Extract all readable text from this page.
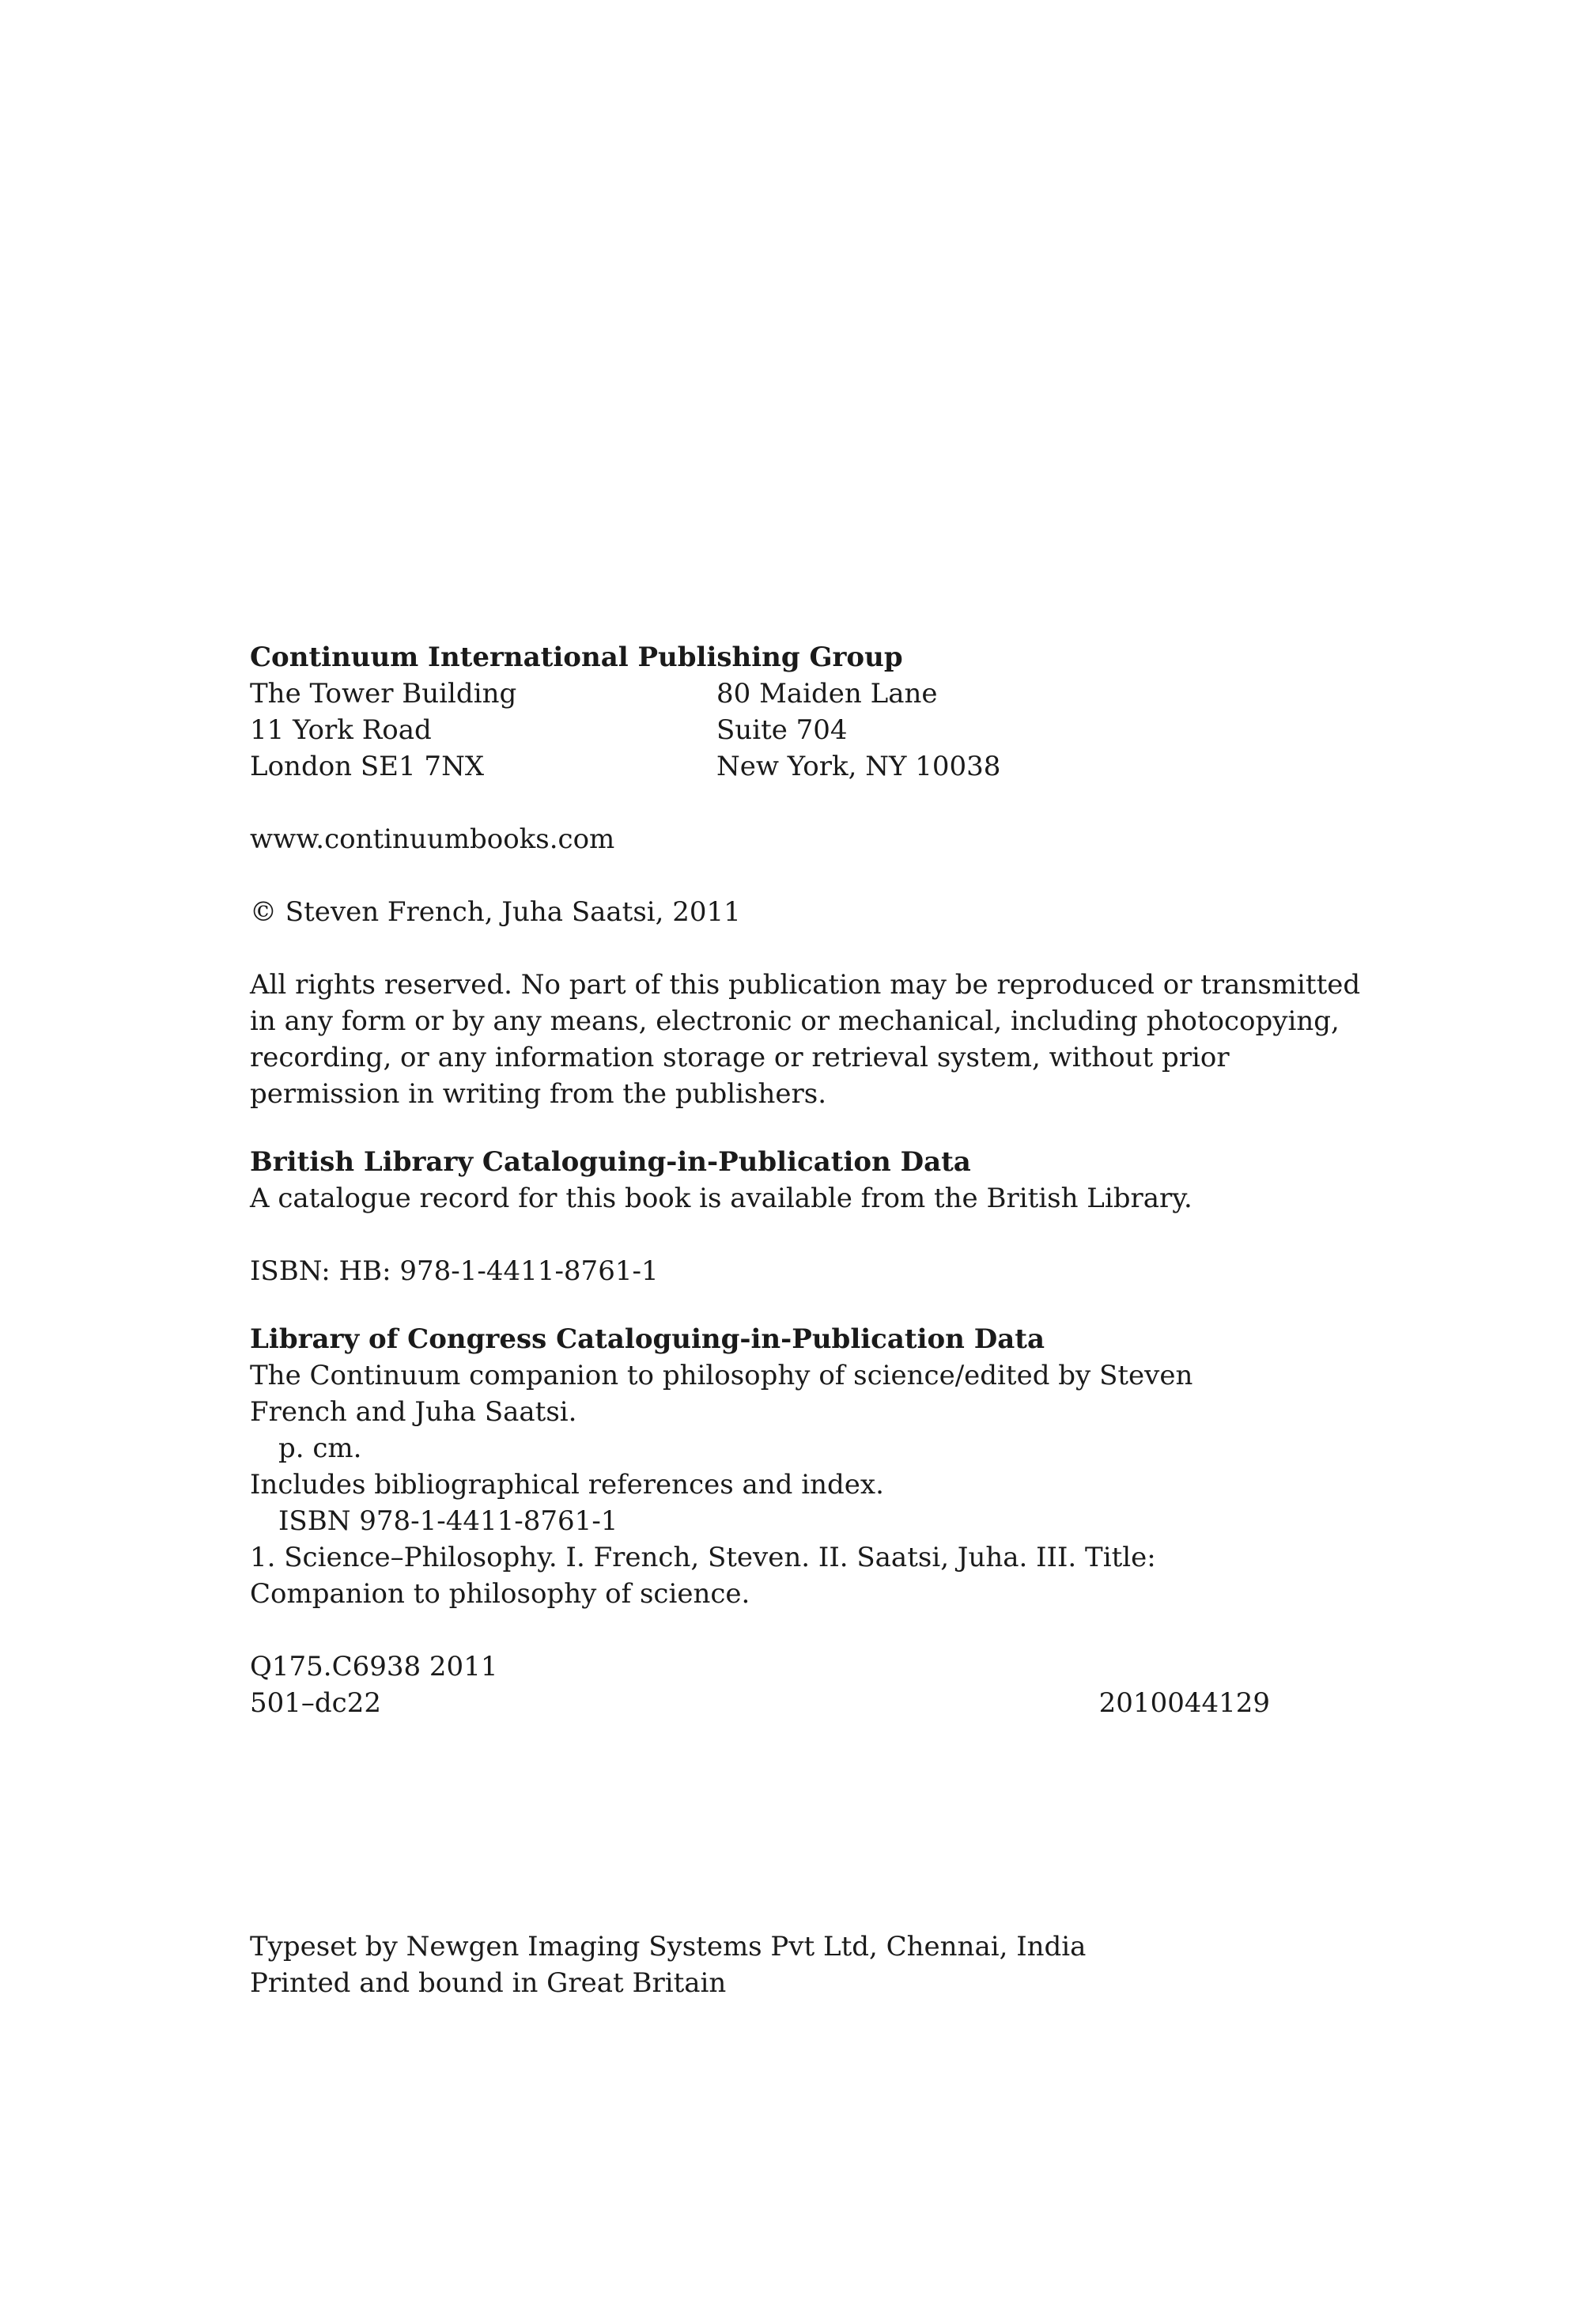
Continuum International Publishing Group
The Tower Building	80 Maiden Lane
11 York Road	Suite 704
London SE1 7NX	New York, NY 10038
www.continuumbooks.com
© Steven French, Juha Saatsi, 2011
All rights reserved. No part of this publication may be reproduced or transmitted
in any form or by any means, electronic or mechanical, including photocopying,
recording, or any information storage or retrieval system, without prior
permission in writing from the publishers.
British Library Cataloguing-in-Publication Data
A catalogue record for this book is available from the British Library.
ISBN: HB: 978-1-4411-8761-1
Library of Congress Cataloguing-in-Publication Data
The Continuum companion to philosophy of science/edited by Steven
French and Juha Saatsi.
p. cm.
Includes bibliographical references and index.
ISBN 978-1-4411-8761-1
1. Science–Philosophy. I. French, Steven. II. Saatsi, Juha. III. Title:
Companion to philosophy of science.
Q175.C6938 2011
501–dc22	2010044129
Typeset by Newgen Imaging Systems Pvt Ltd, Chennai, India
Printed and bound in Great Britain
